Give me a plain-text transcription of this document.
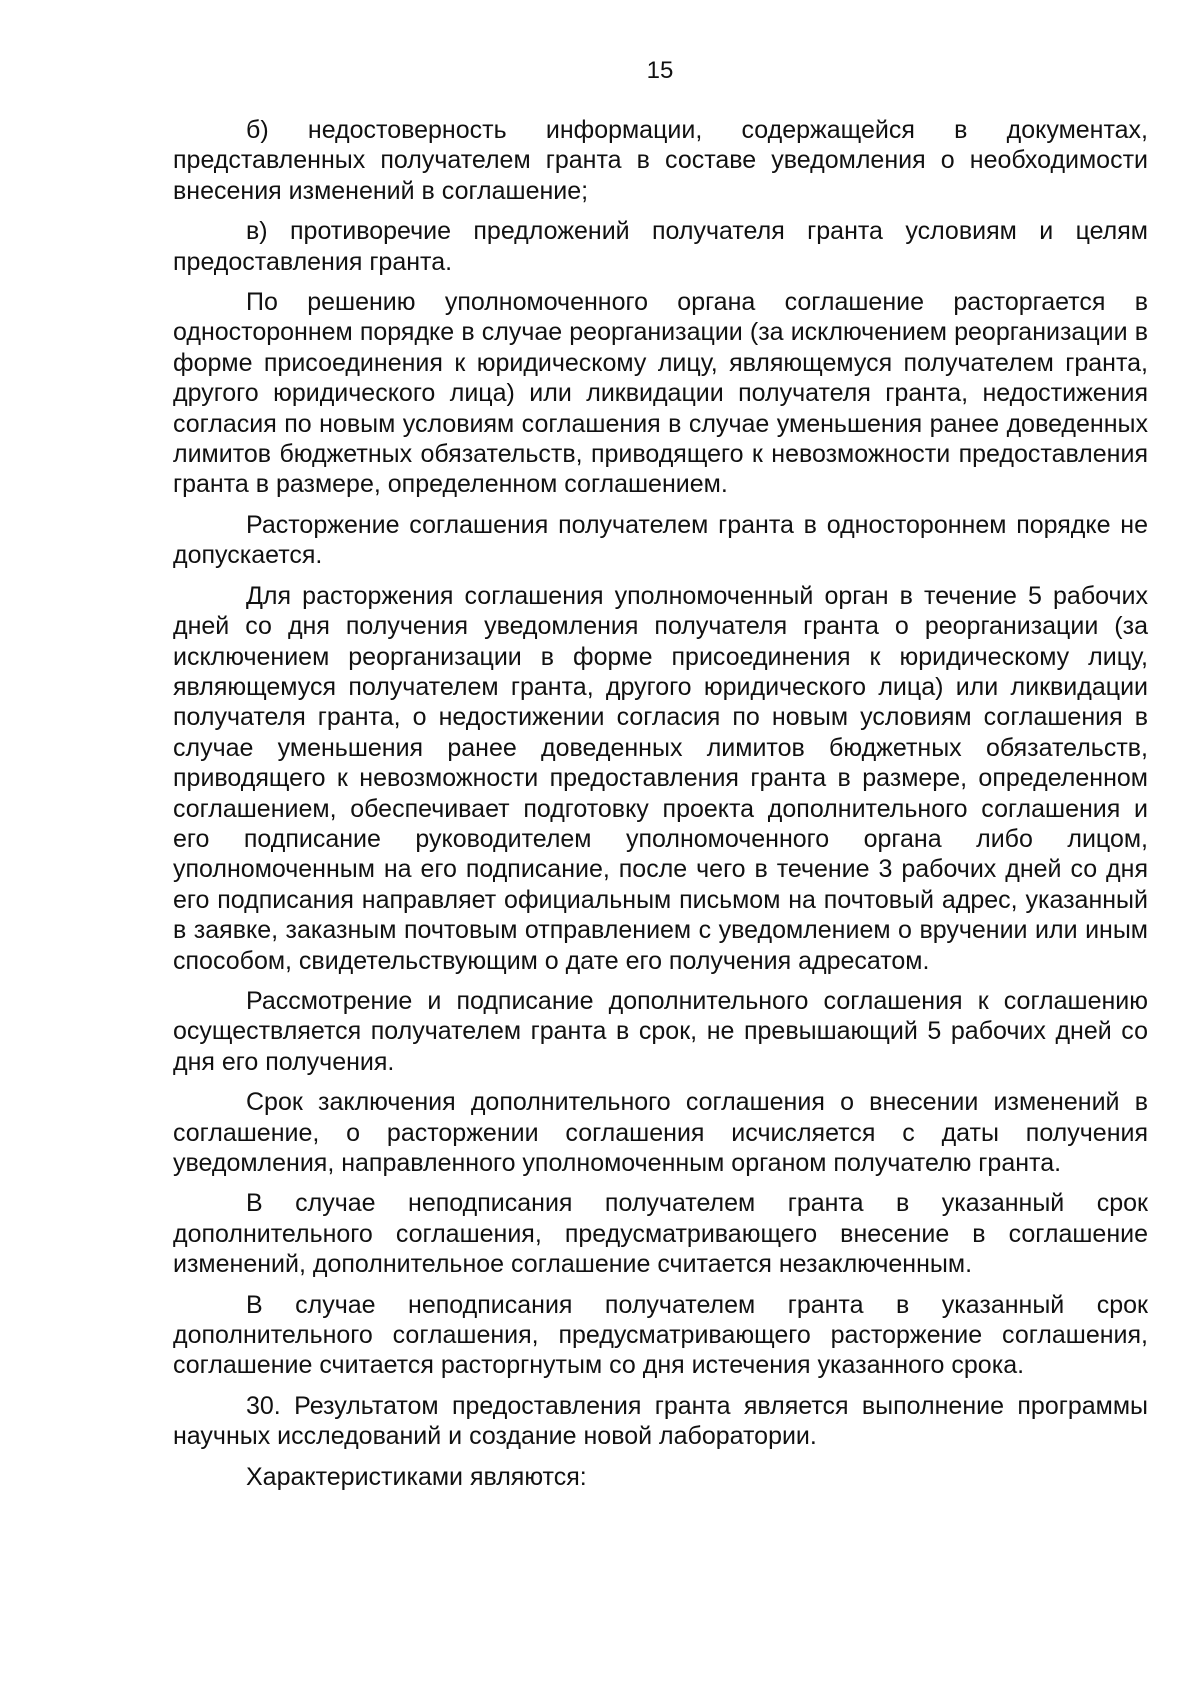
15

б) недостоверность информации, содержащейся в документах, представленных получателем гранта в составе уведомления о необходимости внесения изменений в соглашение;

в) противоречие предложений получателя гранта условиям и целям предоставления гранта.

По решению уполномоченного органа соглашение расторгается в одностороннем порядке в случае реорганизации (за исключением реорганизации в форме присоединения к юридическому лицу, являющемуся получателем гранта, другого юридического лица) или ликвидации получателя гранта, недостижения согласия по новым условиям соглашения в случае уменьшения ранее доведенных лимитов бюджетных обязательств, приводящего к невозможности предоставления гранта в размере, определенном соглашением.

Расторжение соглашения получателем гранта в одностороннем порядке не допускается.

Для расторжения соглашения уполномоченный орган в течение 5 рабочих дней со дня получения уведомления получателя гранта о реорганизации (за исключением реорганизации в форме присоединения к юридическому лицу, являющемуся получателем гранта, другого юридического лица) или ликвидации получателя гранта, о недостижении согласия по новым условиям соглашения в случае уменьшения ранее доведенных лимитов бюджетных обязательств, приводящего к невозможности предоставления гранта в размере, определенном соглашением, обеспечивает подготовку проекта дополнительного соглашения и его подписание руководителем уполномоченного органа либо лицом, уполномоченным на его подписание, после чего в течение 3 рабочих дней со дня его подписания направляет официальным письмом на почтовый адрес, указанный в заявке, заказным почтовым отправлением с уведомлением о вручении или иным способом, свидетельствующим о дате его получения адресатом.

Рассмотрение и подписание дополнительного соглашения к соглашению осуществляется получателем гранта в срок, не превышающий 5 рабочих дней со дня его получения.

Срок заключения дополнительного соглашения о внесении изменений в соглашение, о расторжении соглашения исчисляется с даты получения уведомления, направленного уполномоченным органом получателю гранта.

В случае неподписания получателем гранта в указанный срок дополнительного соглашения, предусматривающего внесение в соглашение изменений, дополнительное соглашение считается незаключенным.

В случае неподписания получателем гранта в указанный срок дополнительного соглашения, предусматривающего расторжение соглашения, соглашение считается расторгнутым со дня истечения указанного срока.

30. Результатом предоставления гранта является выполнение программы научных исследований и создание новой лаборатории.

Характеристиками являются:
